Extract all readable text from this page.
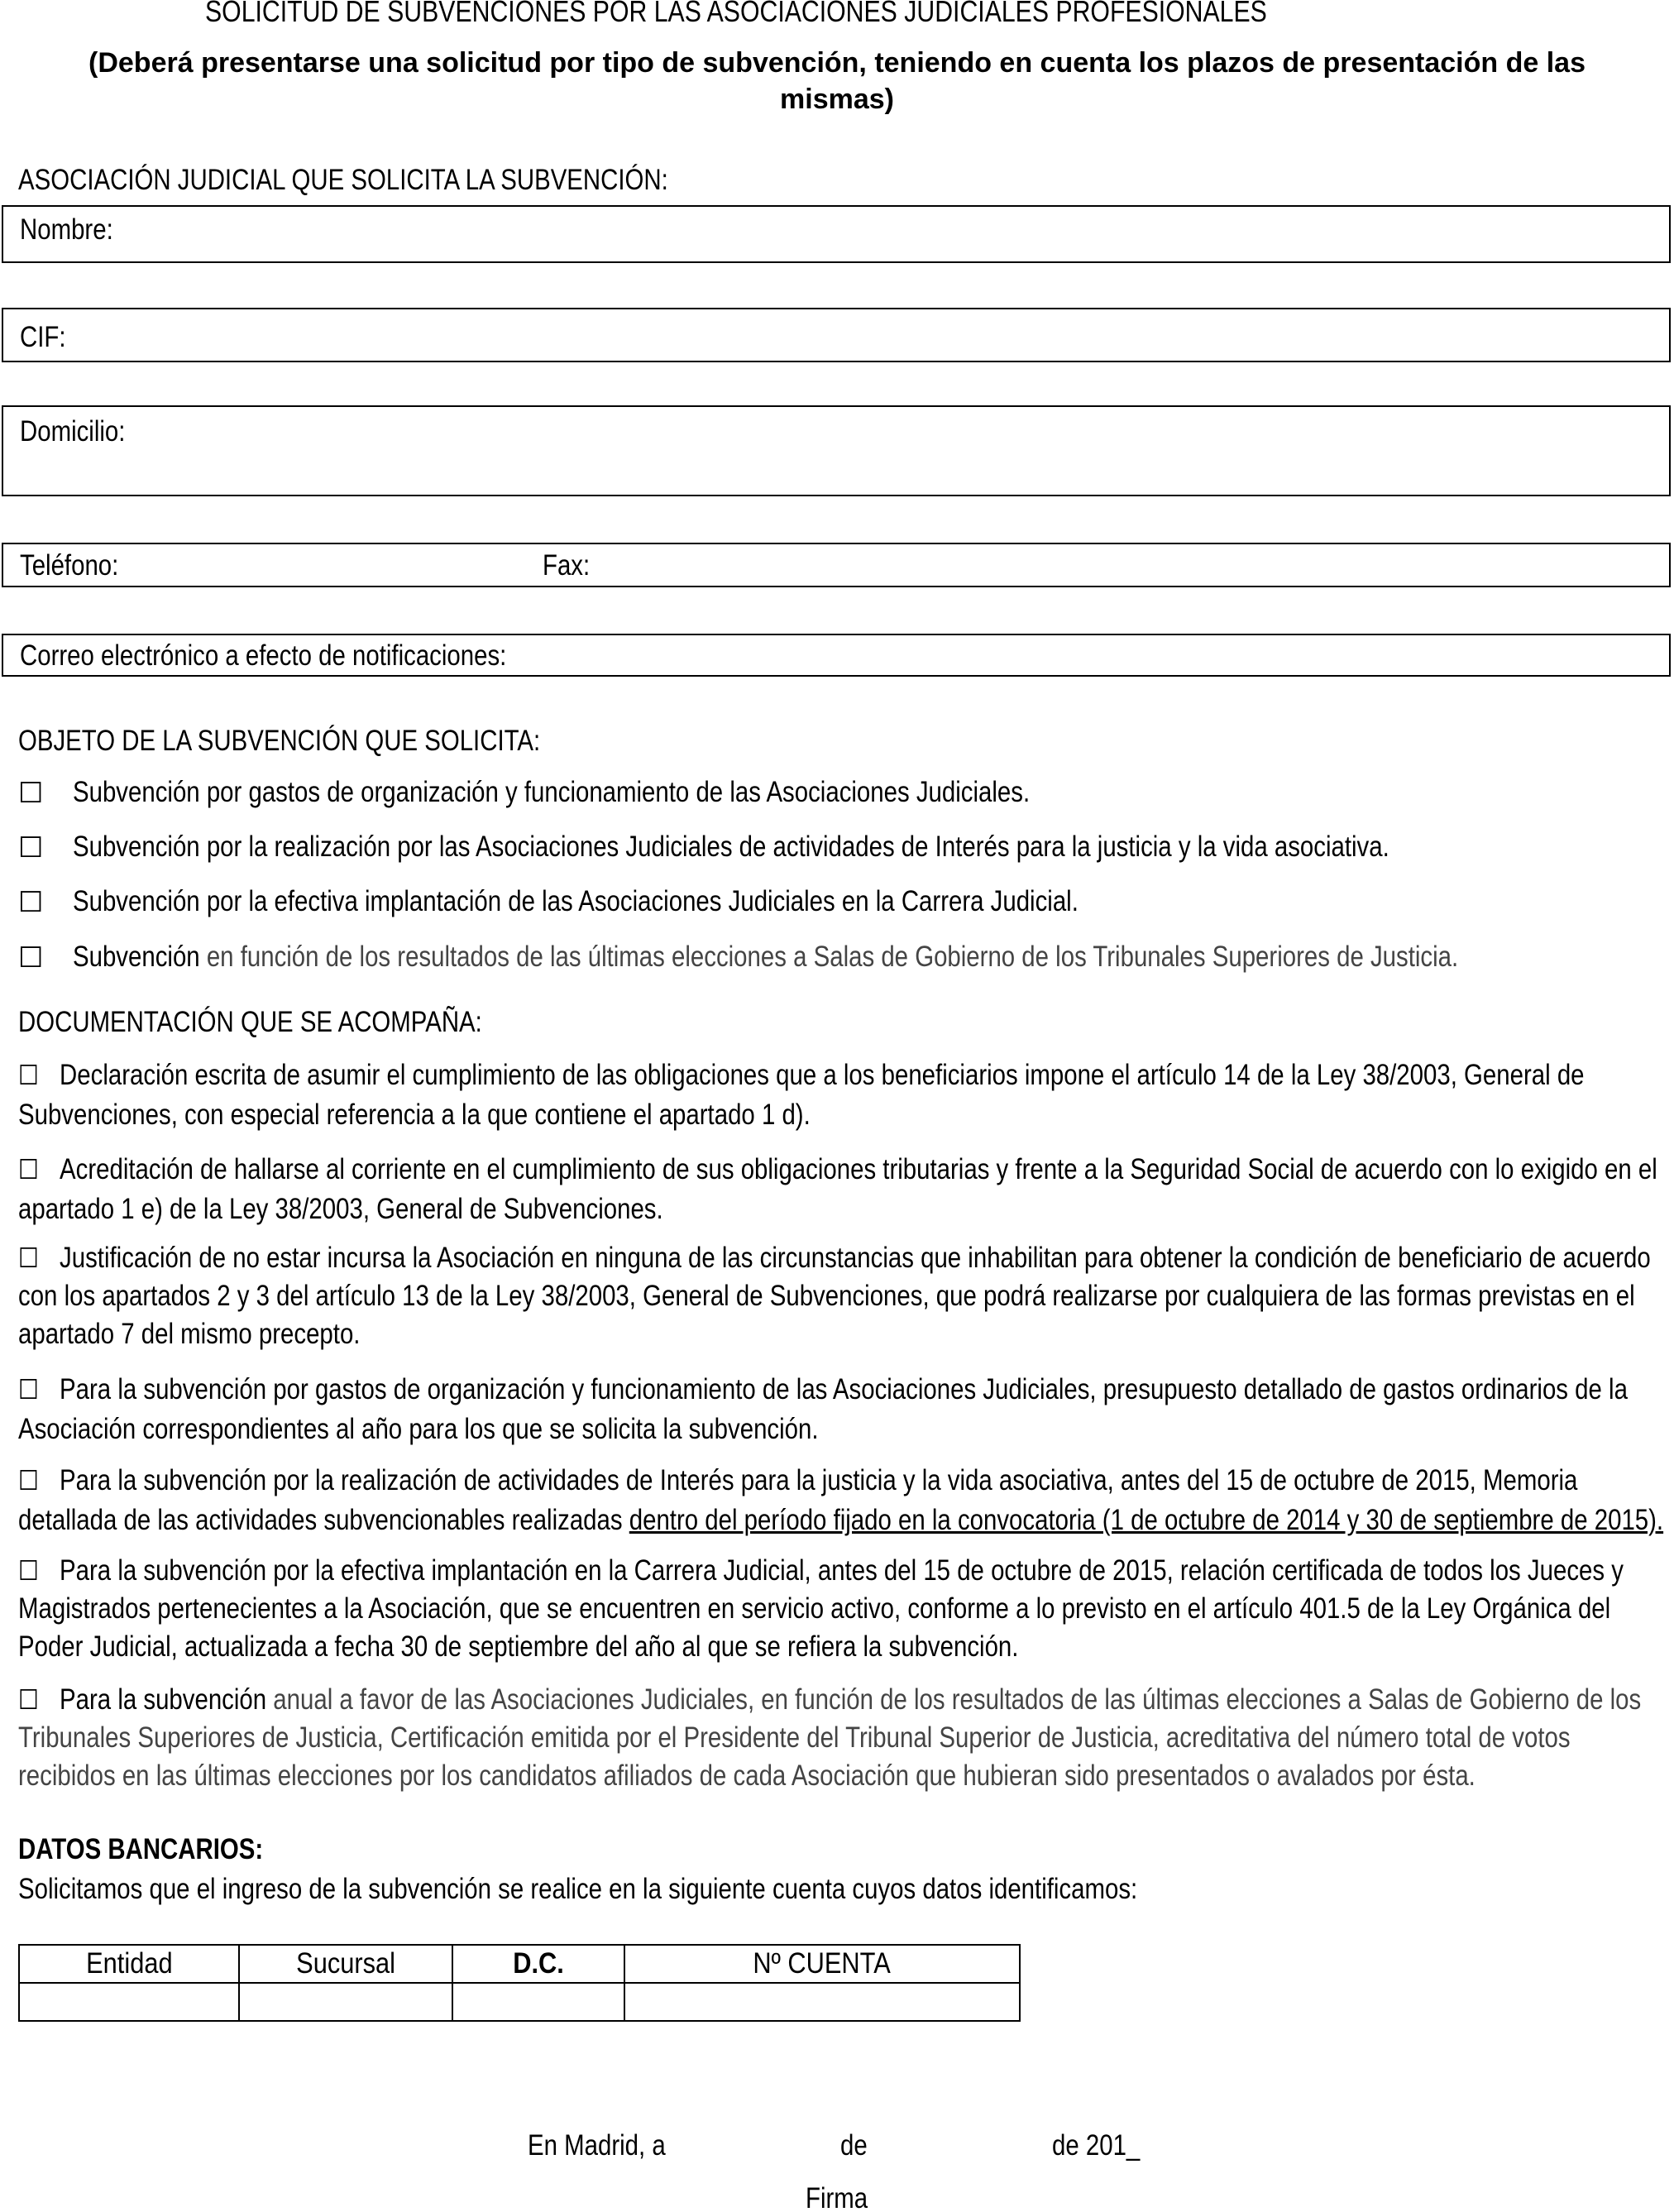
SOLICITUD DE SUBVENCIONES POR LAS ASOCIACIONES JUDICIALES PROFESIONALES
(Deberá presentarse una solicitud por tipo de subvención, teniendo en cuenta los plazos de presentación de las mismas)
ASOCIACIÓN JUDICIAL QUE SOLICITA LA SUBVENCIÓN:
Nombre:
CIF:
Domicilio:
Teléfono:	Fax:
Correo electrónico a efecto de notificaciones:
OBJETO DE LA SUBVENCIÓN QUE SOLICITA:
☐ Subvención por gastos de organización y funcionamiento de las Asociaciones Judiciales.
☐ Subvención por la realización por las Asociaciones Judiciales de actividades de Interés para la justicia y la vida asociativa.
☐ Subvención por la efectiva implantación de las Asociaciones Judiciales en la Carrera Judicial.
☐ Subvención en función de los resultados de las últimas elecciones a Salas de Gobierno de los Tribunales Superiores de Justicia.
DOCUMENTACIÓN QUE SE ACOMPAÑA:
☐ Declaración escrita de asumir el cumplimiento de las obligaciones que a los beneficiarios impone el artículo 14 de la Ley 38/2003, General de Subvenciones, con especial referencia a la que contiene el apartado 1 d).
☐ Acreditación de hallarse al corriente en el cumplimiento de sus obligaciones tributarias y frente a la Seguridad Social de acuerdo con lo exigido en el apartado 1 e) de la Ley 38/2003, General de Subvenciones.
☐ Justificación de no estar incursa la Asociación en ninguna de las circunstancias que inhabilitan para obtener la condición de beneficiario de acuerdo con los apartados 2 y 3 del artículo 13 de la Ley 38/2003, General de Subvenciones, que podrá realizarse por cualquiera de las formas previstas en el apartado 7 del mismo precepto.
☐ Para la subvención por gastos de organización y funcionamiento de las Asociaciones Judiciales, presupuesto detallado de gastos ordinarios de la Asociación correspondientes al año para los que se solicita la subvención.
☐ Para la subvención por la realización de actividades de Interés para la justicia y la vida asociativa, antes del 15 de octubre de 2015, Memoria detallada de las actividades subvencionables realizadas dentro del período fijado en la convocatoria (1 de octubre de 2014 y 30 de septiembre de 2015).
☐ Para la subvención por la efectiva implantación en la Carrera Judicial, antes del 15 de octubre de 2015, relación certificada de todos los Jueces y Magistrados pertenecientes a la Asociación, que se encuentren en servicio activo, conforme a lo previsto en el artículo 401.5 de la Ley Orgánica del Poder Judicial, actualizada a fecha 30 de septiembre del año al que se refiera la subvención.
☐ Para la subvención anual a favor de las Asociaciones Judiciales, en función de los resultados de las últimas elecciones a Salas de Gobierno de los Tribunales Superiores de Justicia, Certificación emitida por el Presidente del Tribunal Superior de Justicia, acreditativa del número total de votos recibidos en las últimas elecciones por los candidatos afiliados de cada Asociación que hubieran sido presentados o avalados por ésta.
DATOS BANCARIOS:
Solicitamos que el ingreso de la subvención se realice en la siguiente cuenta cuyos datos identificamos:
Entidad	Sucursal	D.C.	Nº CUENTA

En Madrid, a	de	de 201_
Firma
